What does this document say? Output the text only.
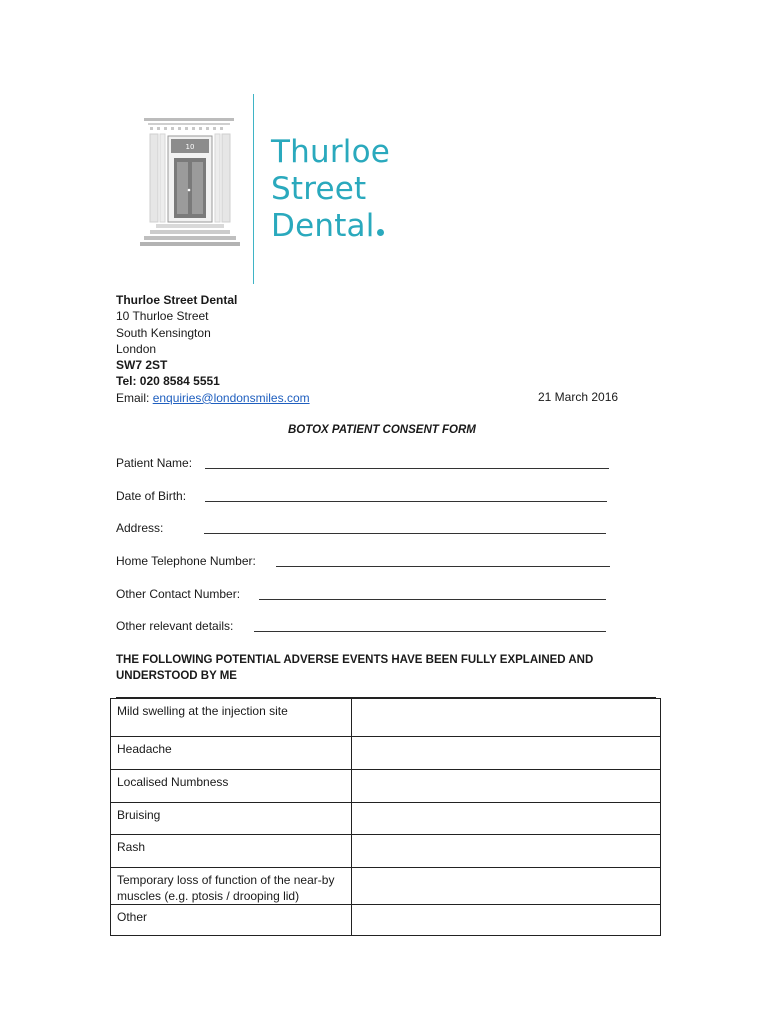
10 Thurloe
Street
Dental
Thurloe Street Dental
10 Thurloe Street
South Kensington
London
SW7 2ST
Tel: 020 8584 5551
Email: enquiries@londonsmiles.com	21 March 2016
BOTOX PATIENT CONSENT FORM
Patient Name:
Date of Birth:
Address:
Home Telephone Number:
Other Contact Number:
Other relevant details:
THE FOLLOWING POTENTIAL ADVERSE EVENTS HAVE BEEN FULLY EXPLAINED AND UNDERSTOOD BY ME
Mild swelling at the injection site	
Headache	
Localised Numbness	
Bruising	
Rash	
Temporary loss of function of the near-by muscles (e.g. ptosis / drooping lid)	
Other	
